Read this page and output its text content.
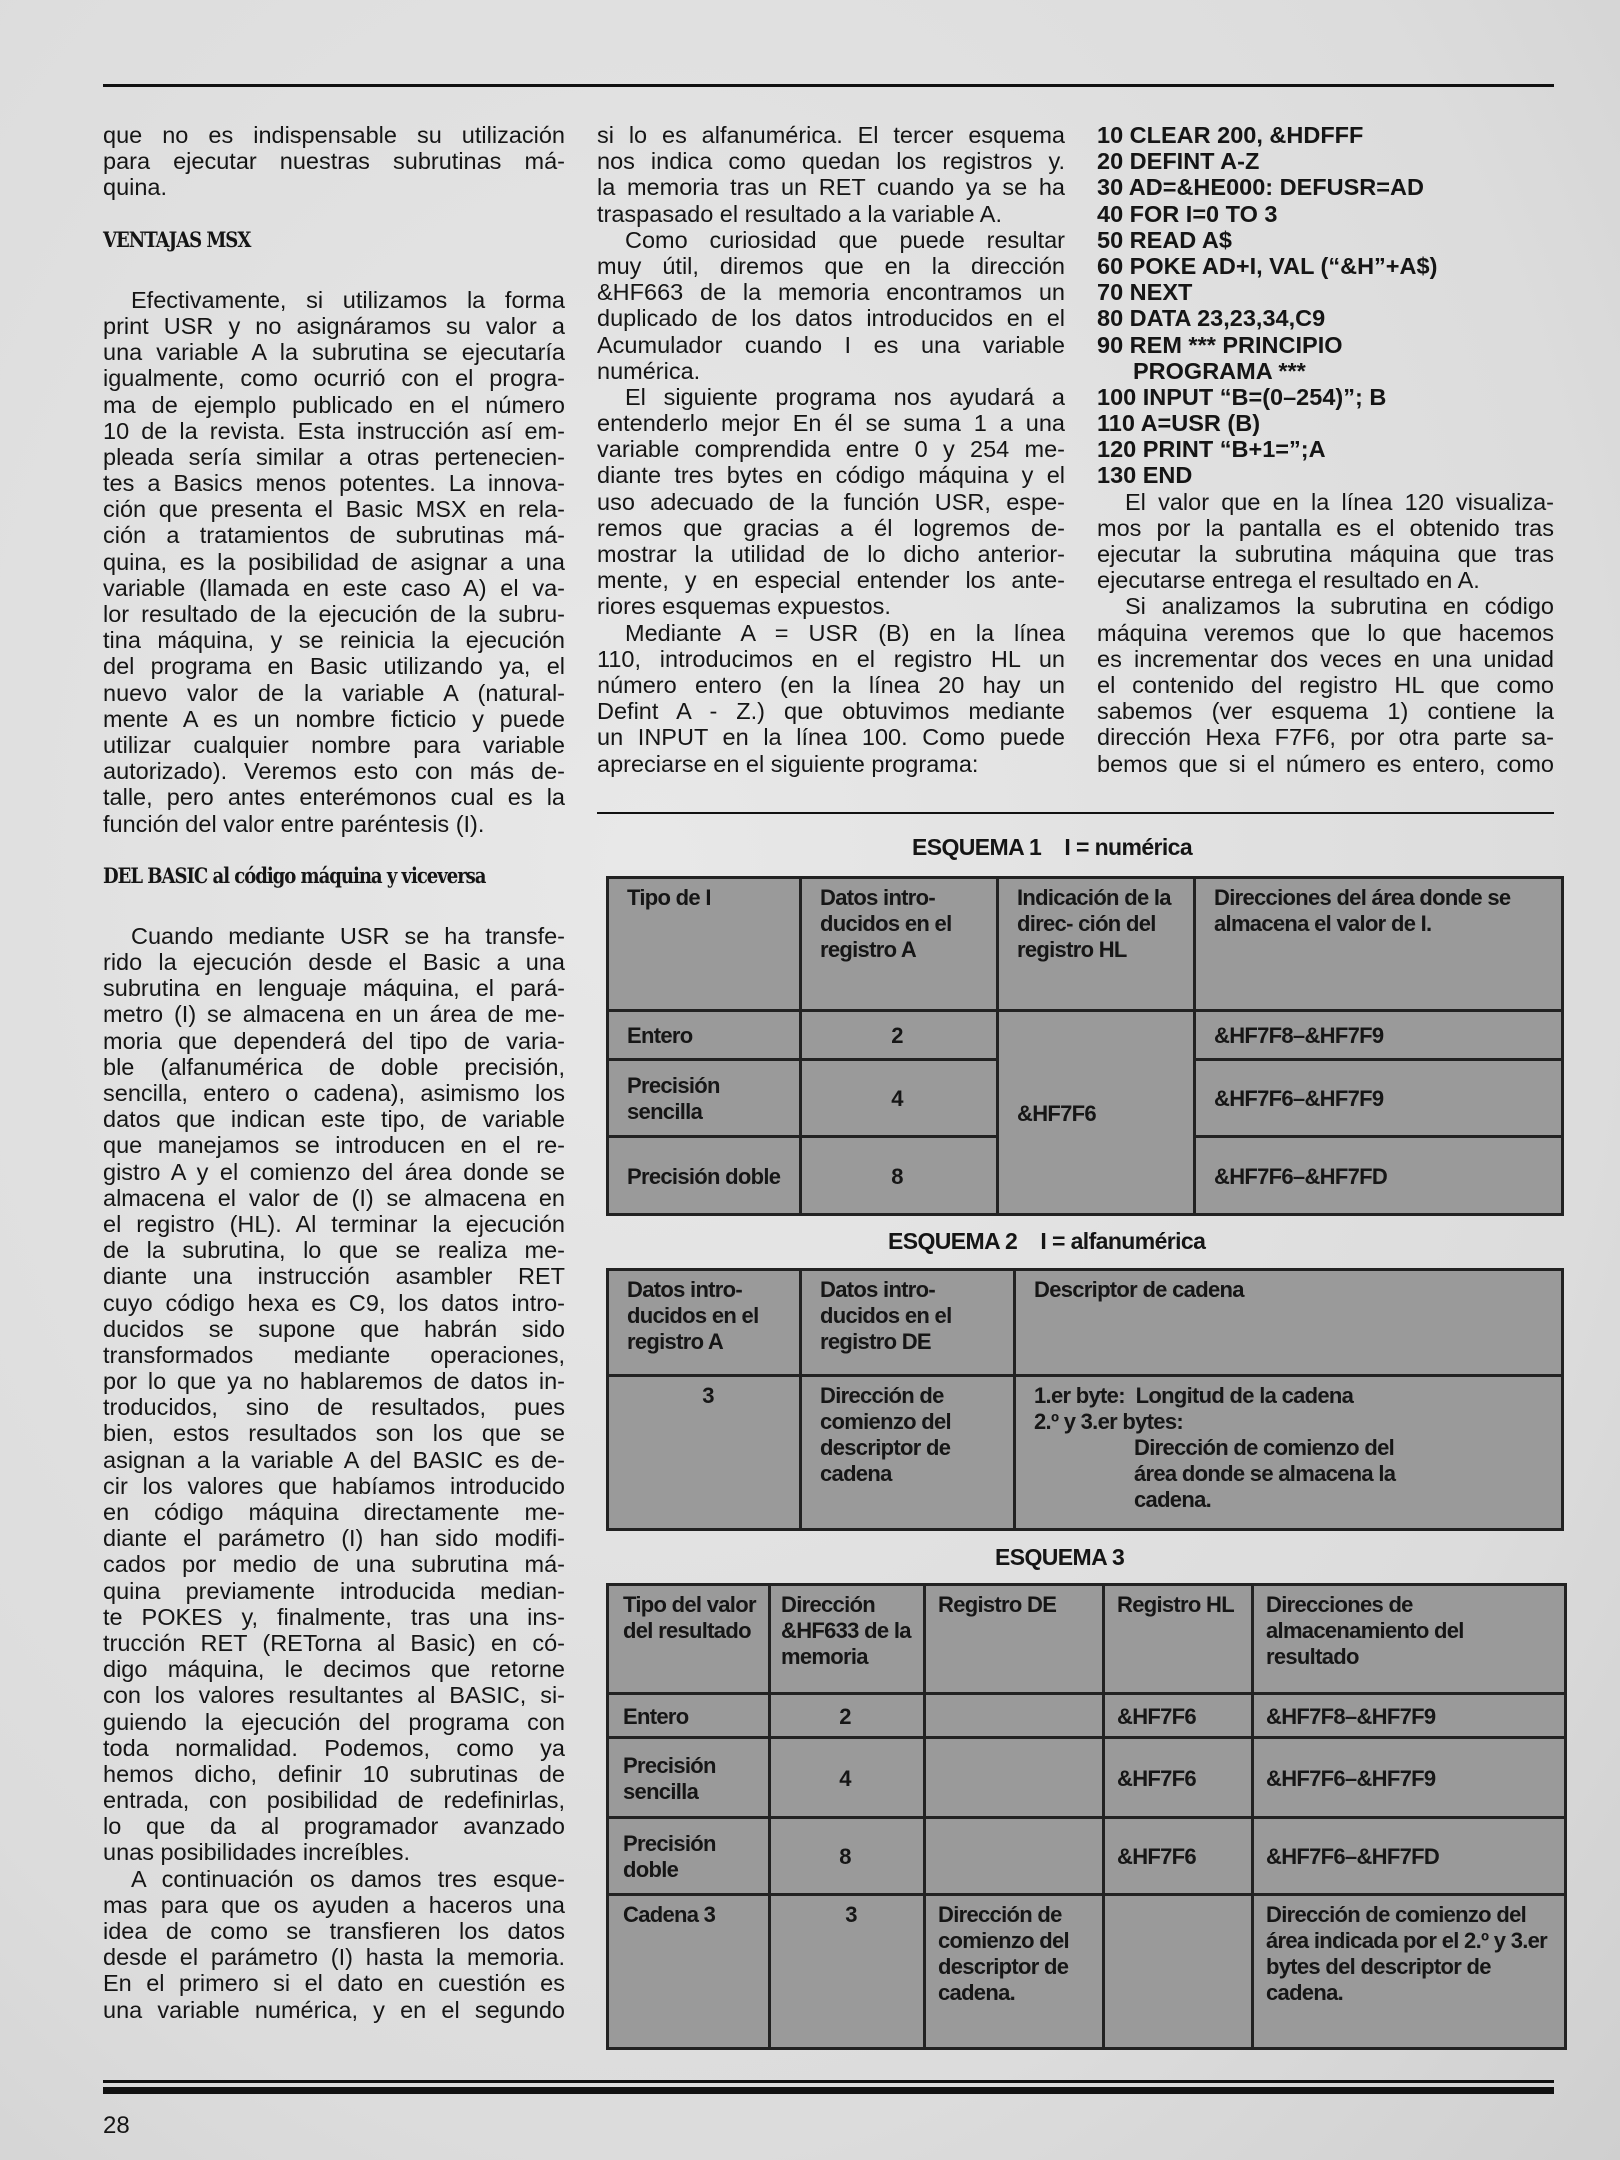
que no es indispensable su utilización
para ejecutar nuestras subrutinas má-
quina.
VENTAJAS MSX
Efectivamente, si utilizamos la forma
print USR y no asignáramos su valor a
una variable A la subrutina se ejecutaría
igualmente, como ocurrió con el progra-
ma de ejemplo publicado en el número
10 de la revista. Esta instrucción así em-
pleada sería similar a otras pertenecien-
tes a Basics menos potentes. La innova-
ción que presenta el Basic MSX en rela-
ción a tratamientos de subrutinas má-
quina, es la posibilidad de asignar a una
variable (llamada en este caso A) el va-
lor resultado de la ejecución de la subru-
tina máquina, y se reinicia la ejecución
del programa en Basic utilizando ya, el
nuevo valor de la variable A (natural-
mente A es un nombre ficticio y puede
utilizar cualquier nombre para variable
autorizado). Veremos esto con más de-
talle, pero antes enterémonos cual es la
función del valor entre paréntesis (I).
DEL BASIC al código máquina y viceversa
Cuando mediante USR se ha transfe-
rido la ejecución desde el Basic a una
subrutina en lenguaje máquina, el pará-
metro (I) se almacena en un área de me-
moria que dependerá del tipo de varia-
ble (alfanumérica de doble precisión,
sencilla, entero o cadena), asimismo los
datos que indican este tipo, de variable
que manejamos se introducen en el re-
gistro A y el comienzo del área donde se
almacena el valor de (I) se almacena en
el registro (HL). Al terminar la ejecución
de la subrutina, lo que se realiza me-
diante una instrucción asambler RET
cuyo código hexa es C9, los datos intro-
ducidos se supone que habrán sido
transformados mediante operaciones,
por lo que ya no hablaremos de datos in-
troducidos, sino de resultados, pues
bien, estos resultados son los que se
asignan a la variable A del BASIC es de-
cir los valores que habíamos introducido
en código máquina directamente me-
diante el parámetro (I) han sido modifi-
cados por medio de una subrutina má-
quina previamente introducida median-
te POKES y, finalmente, tras una ins-
trucción RET (RETorna al Basic) en có-
digo máquina, le decimos que retorne
con los valores resultantes al BASIC, si-
guiendo la ejecución del programa con
toda normalidad. Podemos, como ya
hemos dicho, definir 10 subrutinas de
entrada, con posibilidad de redefinirlas,
lo que da al programador avanzado
unas posibilidades increíbles.
A continuación os damos tres esque-
mas para que os ayuden a haceros una
idea de como se transfieren los datos
desde el parámetro (I) hasta la memoria.
En el primero si el dato en cuestión es
una variable numérica, y en el segundo
si lo es alfanumérica. El tercer esquema
nos indica como quedan los registros y.
la memoria tras un RET cuando ya se ha
traspasado el resultado a la variable A.
Como curiosidad que puede resultar
muy útil, diremos que en la dirección
&HF663 de la memoria encontramos un
duplicado de los datos introducidos en el
Acumulador cuando I es una variable
numérica.
El siguiente programa nos ayudará a
entenderlo mejor En él se suma 1 a una
variable comprendida entre 0 y 254 me-
diante tres bytes en código máquina y el
uso adecuado de la función USR, espe-
remos que gracias a él logremos de-
mostrar la utilidad de lo dicho anterior-
mente, y en especial entender los ante-
riores esquemas expuestos.
Mediante A = USR (B) en la línea
110, introducimos en el registro HL un
número entero (en la línea 20 hay un
Defint A - Z.) que obtuvimos mediante
un INPUT en la línea 100. Como puede
apreciarse en el siguiente programa:
10 CLEAR 200, &HDFFF
20 DEFINT A-Z
30 AD=&HE000: DEFUSR=AD
40 FOR I=0 TO 3
50 READ A$
60 POKE AD+I, VAL (“&H”+A$)
70 NEXT
80 DATA 23,23,34,C9
90 REM *** PRINCIPIO
PROGRAMA ***
100 INPUT “B=(0–254)”; B
110 A=USR (B)
120 PRINT “B+1=”;A
130 END
El valor que en la línea 120 visualiza-
mos por la pantalla es el obtenido tras
ejecutar la subrutina máquina que tras
ejecutarse entrega el resultado en A.
Si analizamos la subrutina en código
máquina veremos que lo que hacemos
es incrementar dos veces en una unidad
el contenido del registro HL que como
sabemos (ver esquema 1) contiene la
dirección Hexa F7F6, por otra parte sa-
bemos que si el número es entero, como
ESQUEMA 1    I = numérica
Tipo de I	Datos intro- ducidos en el registro A	Indicación de la direc- ción del registro HL	Direcciones del área donde se almacena el valor de I.
Entero	2	&HF7F6	&HF7F8–&HF7F9
Precisión sencilla	4		&HF7F6–&HF7F9
Precisión doble	8		&HF7F6–&HF7FD
ESQUEMA 2    I = alfanumérica
Datos intro- ducidos en el registro A	Datos intro- ducidos en el registro DE	Descriptor de cadena
3	Dirección de comienzo del descriptor de cadena	1.er byte:  Longitud de la cadena
2.º y 3.er bytes:
Dirección de comienzo del área donde se almacena la cadena.
ESQUEMA 3
Tipo del valor del resultado	Dirección &HF633 de la memoria	Registro DE	Registro HL	Direcciones de almacenamiento del resultado
Entero	2		&HF7F6	&HF7F8–&HF7F9
Precisión sencilla	4		&HF7F6	&HF7F6–&HF7F9
Precisión doble	8		&HF7F6	&HF7F6–&HF7FD
Cadena 3	3	Dirección de comienzo del descriptor de cadena.		Dirección de comienzo del área indicada por el 2.º y 3.er bytes del descriptor de cadena.
28
